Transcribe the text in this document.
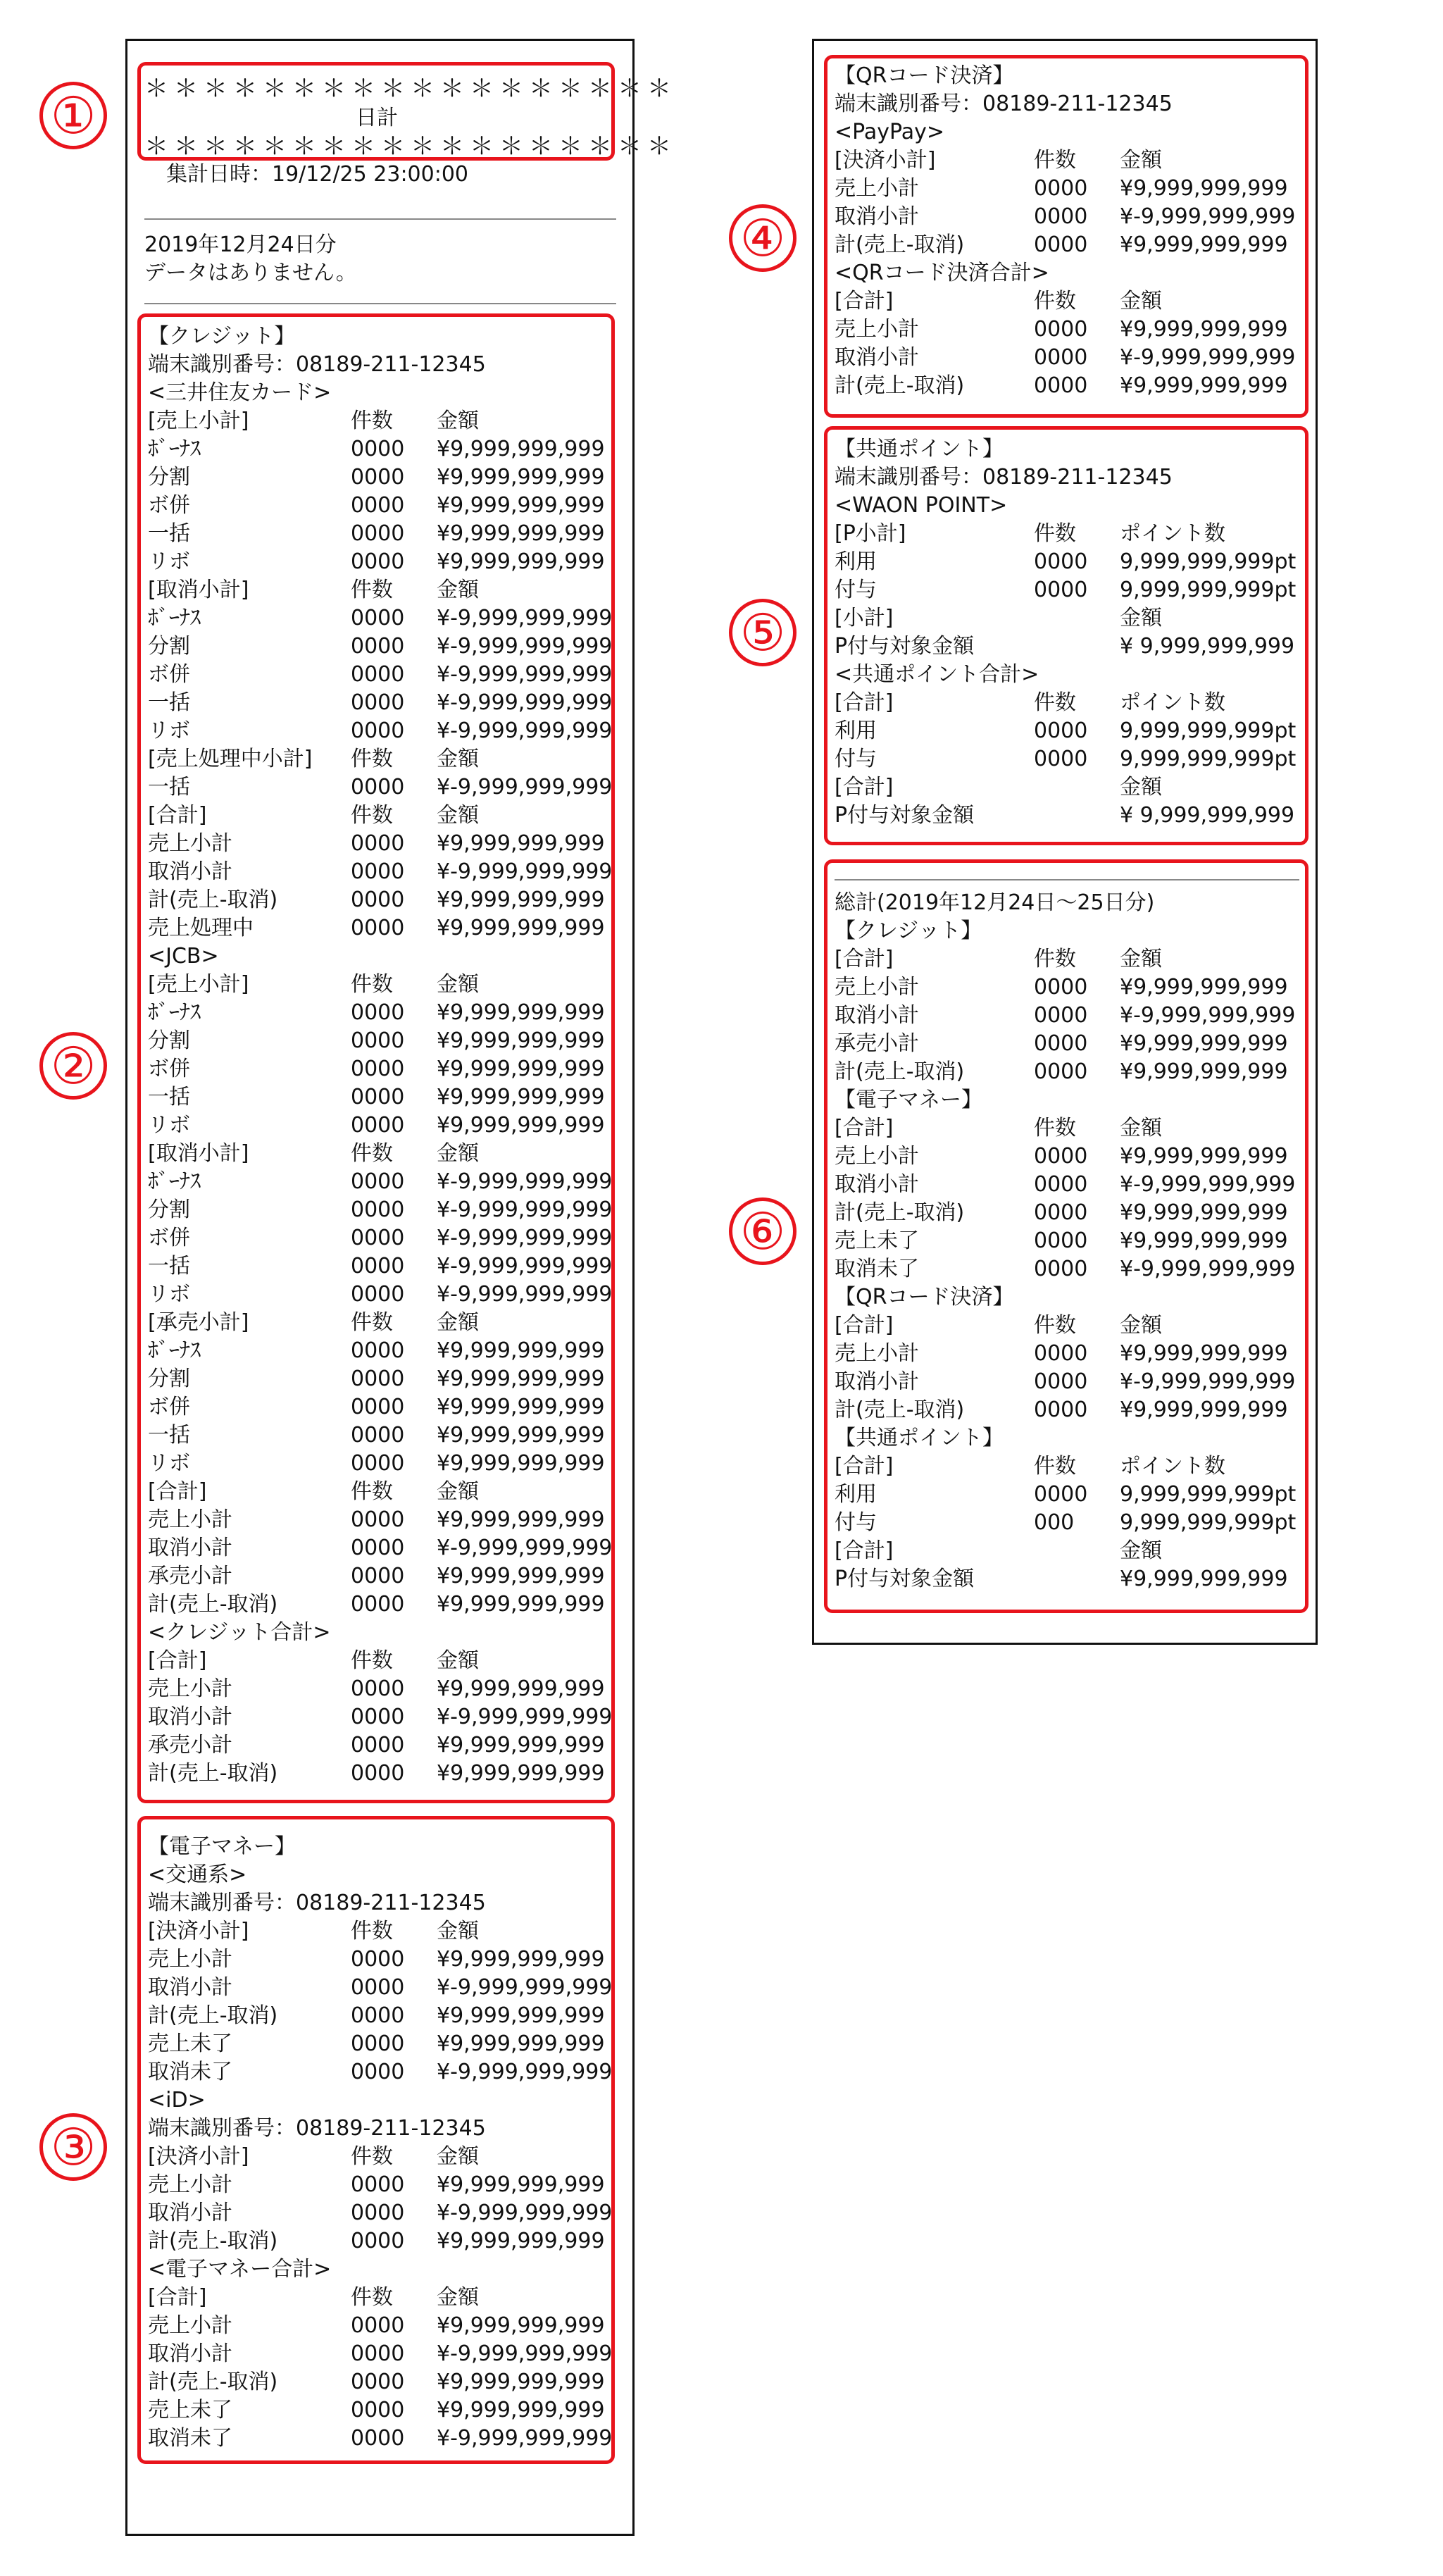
①
②
③
④
⑤
⑥
＊＊＊＊＊＊＊＊＊＊＊＊＊＊＊＊＊＊
日計
＊＊＊＊＊＊＊＊＊＊＊＊＊＊＊＊＊＊
集計日時：19/12/25 23:00:00
2019年12月24日分
データはありません。
【クレジット】
端末識別番号：08189-211-12345
<三井住友カード>
[売上小計]	件数 金額
ﾎﾞｰﾅｽ	0000 ¥9,999,999,999
分割	0000 ¥9,999,999,999
ボ併	0000 ¥9,999,999,999
一括	0000 ¥9,999,999,999
リボ	0000 ¥9,999,999,999
[取消小計]	件数 金額
ﾎﾞｰﾅｽ	0000 ¥-9,999,999,999
分割	0000 ¥-9,999,999,999
ボ併	0000 ¥-9,999,999,999
一括	0000 ¥-9,999,999,999
リボ	0000 ¥-9,999,999,999
[売上処理中小計] 件数 金額
一括	0000 ¥-9,999,999,999
[合計]	件数 金額
売上小計	0000 ¥9,999,999,999
取消小計	0000 ¥-9,999,999,999
計(売上-取消)	0000 ¥9,999,999,999
売上処理中	0000 ¥9,999,999,999
<JCB>
[売上小計]	件数 金額
ﾎﾞｰﾅｽ	0000 ¥9,999,999,999
分割	0000 ¥9,999,999,999
ボ併	0000 ¥9,999,999,999
一括	0000 ¥9,999,999,999
リボ	0000 ¥9,999,999,999
[取消小計]	件数 金額
ﾎﾞｰﾅｽ	0000 ¥-9,999,999,999
分割	0000 ¥-9,999,999,999
ボ併	0000 ¥-9,999,999,999
一括	0000 ¥-9,999,999,999
リボ	0000 ¥-9,999,999,999
[承売小計]	件数 金額
ﾎﾞｰﾅｽ	0000 ¥9,999,999,999
分割	0000 ¥9,999,999,999
ボ併	0000 ¥9,999,999,999
一括	0000 ¥9,999,999,999
リボ	0000 ¥9,999,999,999
[合計]	件数 金額
売上小計	0000 ¥9,999,999,999
取消小計	0000 ¥-9,999,999,999
承売小計	0000 ¥9,999,999,999
計(売上-取消)	0000 ¥9,999,999,999
<クレジット合計>
[合計]	件数 金額
売上小計	0000 ¥9,999,999,999
取消小計	0000 ¥-9,999,999,999
承売小計	0000 ¥9,999,999,999
計(売上-取消)	0000 ¥9,999,999,999
【電子マネー】
<交通系>
端末識別番号：08189-211-12345
[決済小計]	件数 金額
売上小計	0000 ¥9,999,999,999
取消小計	0000 ¥-9,999,999,999
計(売上-取消)	0000 ¥9,999,999,999
売上未了	0000 ¥9,999,999,999
取消未了	0000 ¥-9,999,999,999
<iD>
端末識別番号：08189-211-12345
[決済小計]	件数 金額
売上小計	0000 ¥9,999,999,999
取消小計	0000 ¥-9,999,999,999
計(売上-取消)	0000 ¥9,999,999,999
<電子マネー合計>
[合計]	件数 金額
売上小計	0000 ¥9,999,999,999
取消小計	0000 ¥-9,999,999,999
計(売上-取消)	0000 ¥9,999,999,999
売上未了	0000 ¥9,999,999,999
取消未了	0000 ¥-9,999,999,999
【QRコード決済】
端末識別番号：08189-211-12345
<PayPay>
[決済小計]	件数 金額
売上小計	0000 ¥9,999,999,999
取消小計	0000 ¥-9,999,999,999
計(売上-取消)	0000 ¥9,999,999,999
<QRコード決済合計>
[合計]	件数 金額
売上小計	0000 ¥9,999,999,999
取消小計	0000 ¥-9,999,999,999
計(売上-取消)	0000 ¥9,999,999,999
【共通ポイント】
端末識別番号：08189-211-12345
<WAON POINT>
[P小計]	件数 ポイント数
利用	0000 9,999,999,999pt
付与	0000 9,999,999,999pt
[小計]	金額
P付与対象金額	¥ 9,999,999,999
<共通ポイント合計>
[合計]	件数 ポイント数
利用	0000 9,999,999,999pt
付与	0000 9,999,999,999pt
[合計]	金額
P付与対象金額	¥ 9,999,999,999
総計(2019年12月24日～25日分)
【クレジット】
[合計]	件数 金額
売上小計	0000 ¥9,999,999,999
取消小計	0000 ¥-9,999,999,999
承売小計	0000 ¥9,999,999,999
計(売上-取消)	0000 ¥9,999,999,999
【電子マネー】
[合計]	件数 金額
売上小計	0000 ¥9,999,999,999
取消小計	0000 ¥-9,999,999,999
計(売上-取消)	0000 ¥9,999,999,999
売上未了	0000 ¥9,999,999,999
取消未了	0000 ¥-9,999,999,999
【QRコード決済】
[合計]	件数 金額
売上小計	0000 ¥9,999,999,999
取消小計	0000 ¥-9,999,999,999
計(売上-取消)	0000 ¥9,999,999,999
【共通ポイント】
[合計]	件数 ポイント数
利用	0000 9,999,999,999pt
付与	000 9,999,999,999pt
[合計]	金額
P付与対象金額	¥9,999,999,999
